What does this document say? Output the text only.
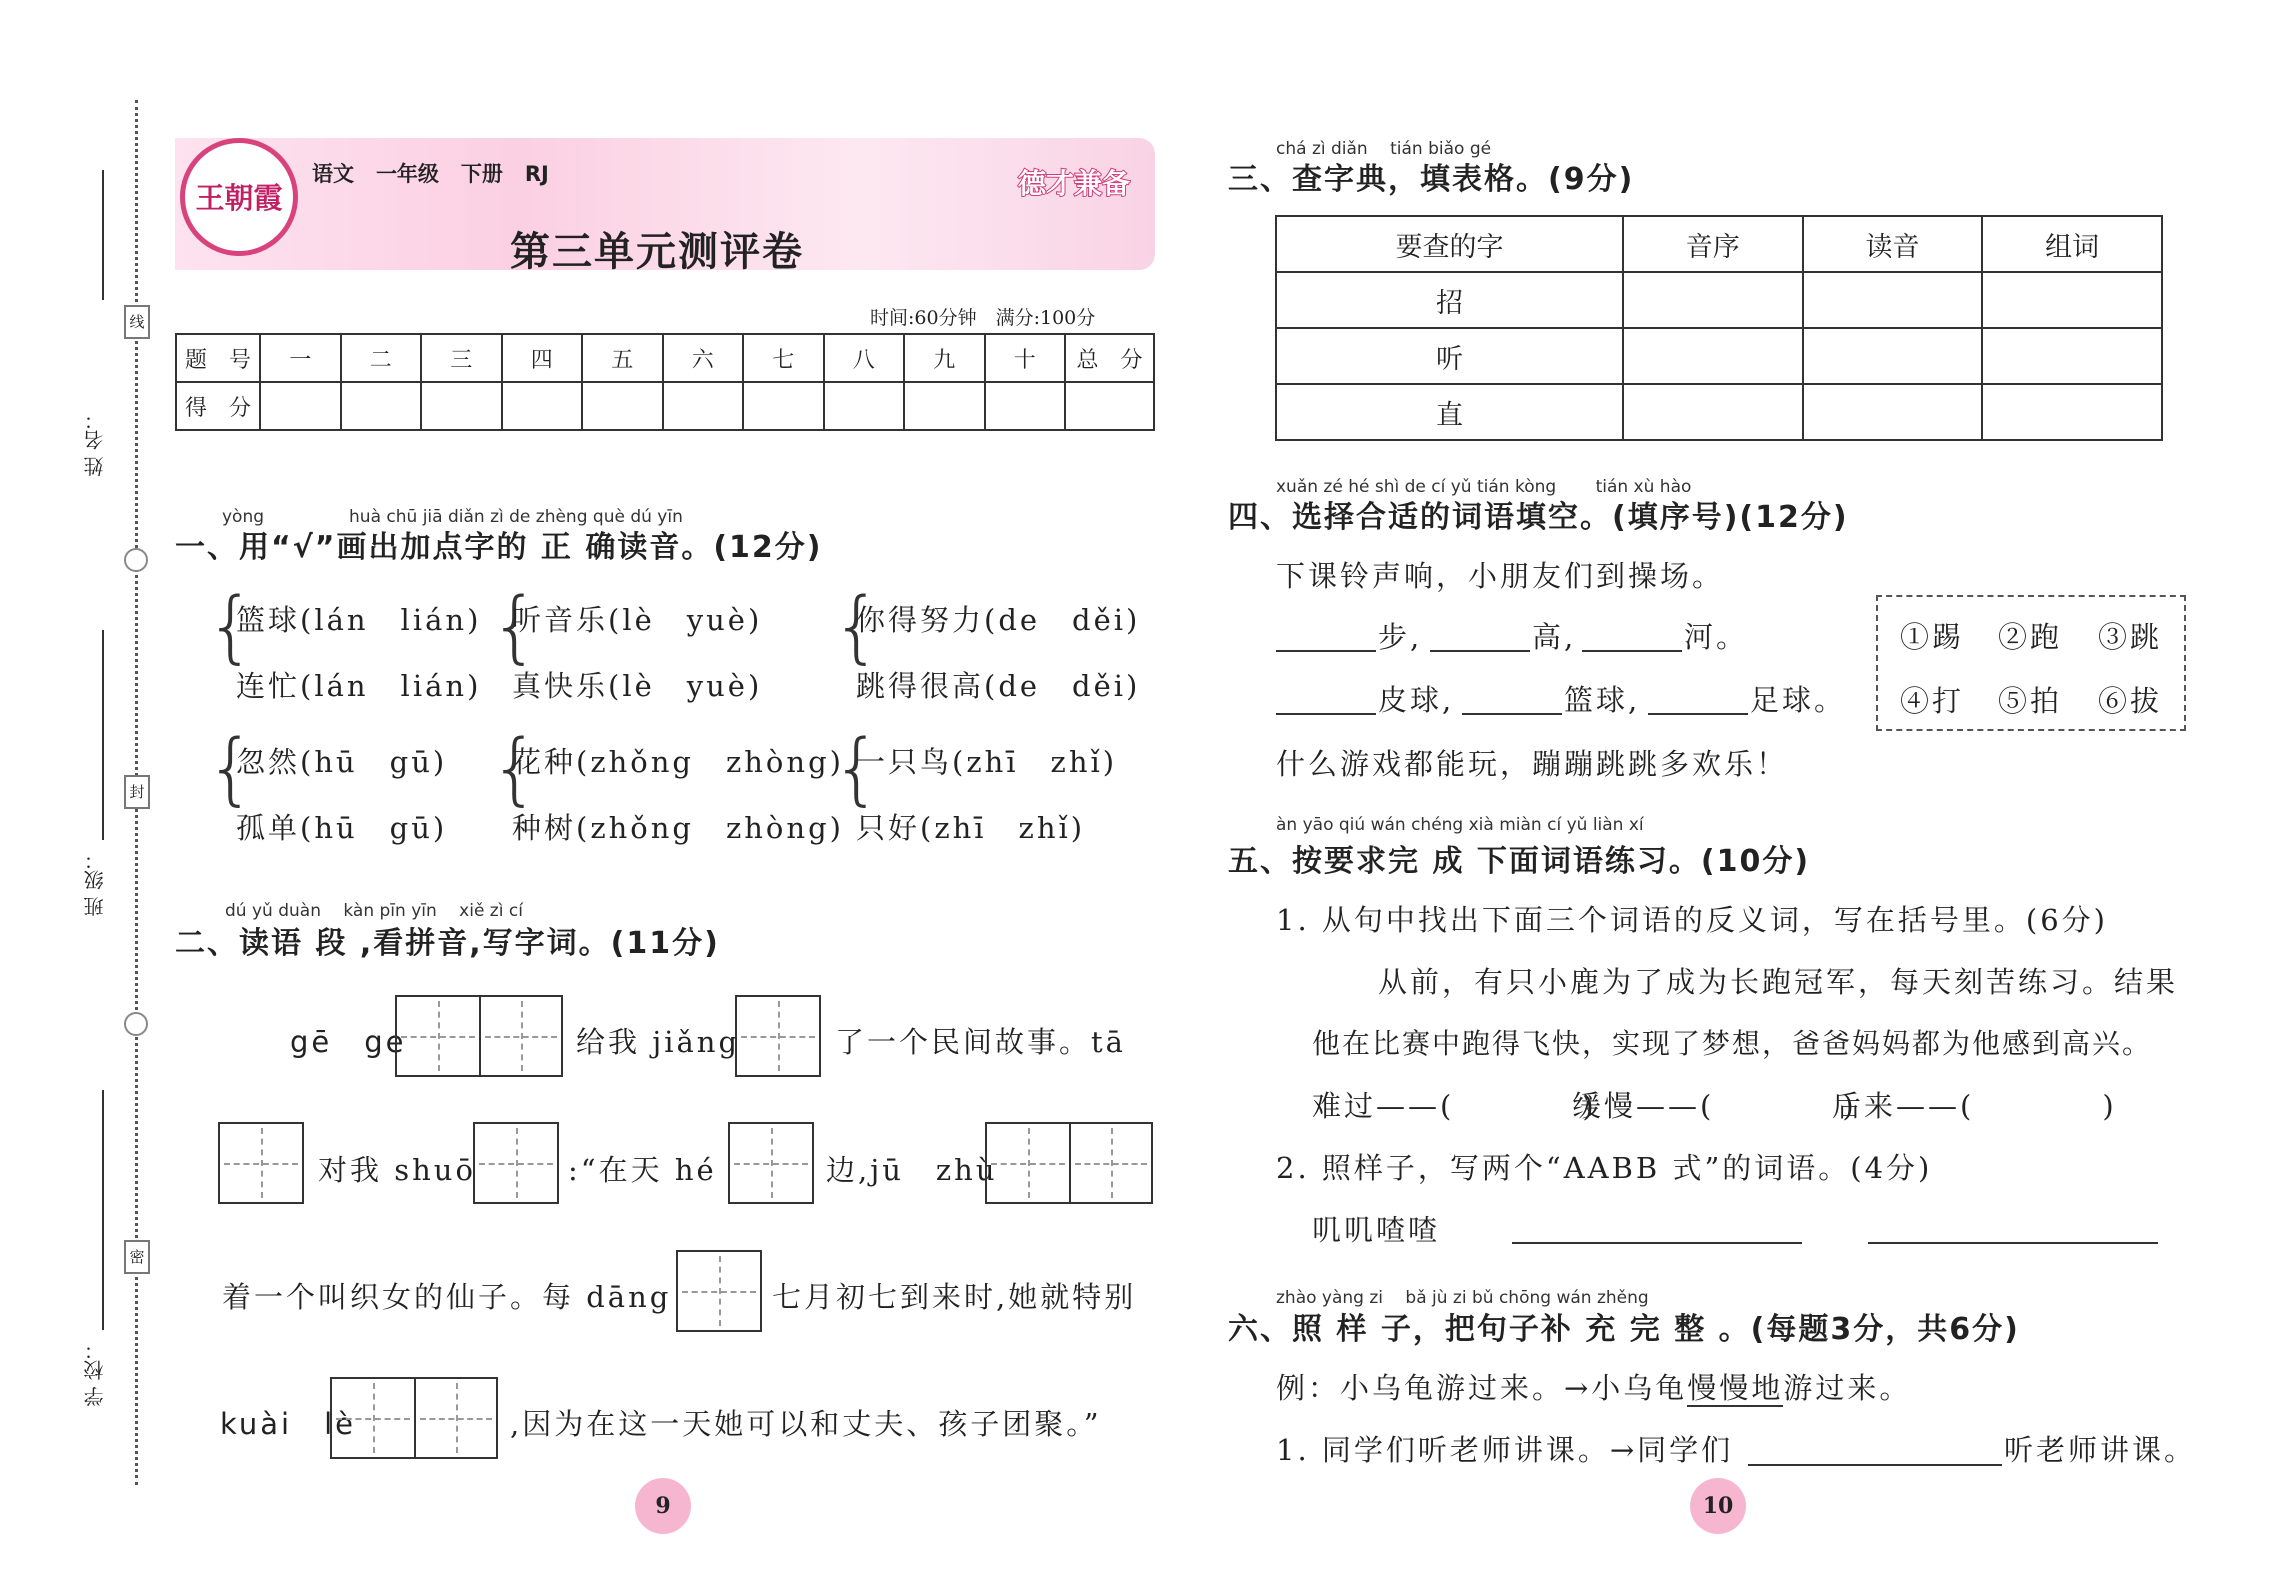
姓 名：
班 级：
学 校：
线
封
密
王朝霞
语文 一年级 下册 RJ	德才兼备
第三单元测评卷
时间:60分钟　满分:100分
题　号	一	二	三	四	五	六	七	八	九	十	总　分
得　分											
yòng　　　　　huà chū jiā diǎn zì de zhèng què dú yīn
一、用“√”画出加点字的 正 确读音。(12分)
{
篮球(lán　lián)
连忙(lán　lián)
{
听音乐(lè　yuè)
真快乐(lè　yuè)
{
你得努力(de　děi)
跳得很高(de　děi)
{
忽然(hū　gū)
孤单(hū　gū)
{
花种(zhǒng　zhòng)
种树(zhǒng　zhòng)
{
一只鸟(zhī　zhǐ)
只好(zhī　zhǐ)
dú yǔ duàn　 kàn pīn yīn　 xiě zì cí
二、读语 段 ,看拼音,写字词。(11分)
gē　ge	给我 jiǎng	了一个民间故事。tā
对我 shuō	:“在天 hé	边,jū　zhù
着一个叫织女的仙子。每 dāng	七月初七到来时,她就特别
kuài　lè	,因为在这一天她可以和丈夫、孩子团聚。”
9
chá zì diǎn　 tián biǎo gé
三、查字典，填表格。(9分)
要查的字	音序	读音	组词
招			
听			
直			
xuǎn zé hé shì de cí yǔ tián kòng　　 tián xù hào
四、选择合适的词语填空。(填序号)(12分)
下课铃声响，小朋友们到操场。
步,	高,	河。
皮球,	篮球,	足球。
①踢 ②跑 ③跳
④打 ⑤拍 ⑥拔
什么游戏都能玩，蹦蹦跳跳多欢乐！
àn yāo qiú wán chéng xià miàn cí yǔ liàn xí
五、按要求完 成 下面词语练习。(10分)
1. 从句中找出下面三个词语的反义词，写在括号里。(6分)
从前，有只小鹿为了成为长跑冠军，每天刻苦练习。结果
他在比赛中跑得飞快，实现了梦想，爸爸妈妈都为他感到高兴。
难过——(　　　　)
缓慢——(　　　　)
后来——(　　　　)
2. 照样子，写两个“AABB 式”的词语。(4分)
叽叽喳喳
zhào yàng zi　 bǎ jù zi bǔ chōng wán zhěng
六、照 样 子，把句子补 充 完 整 。(每题3分，共6分)
例：小乌龟游过来。→小乌龟慢慢地游过来。
1. 同学们听老师讲课。→同学们	听老师讲课。
10
